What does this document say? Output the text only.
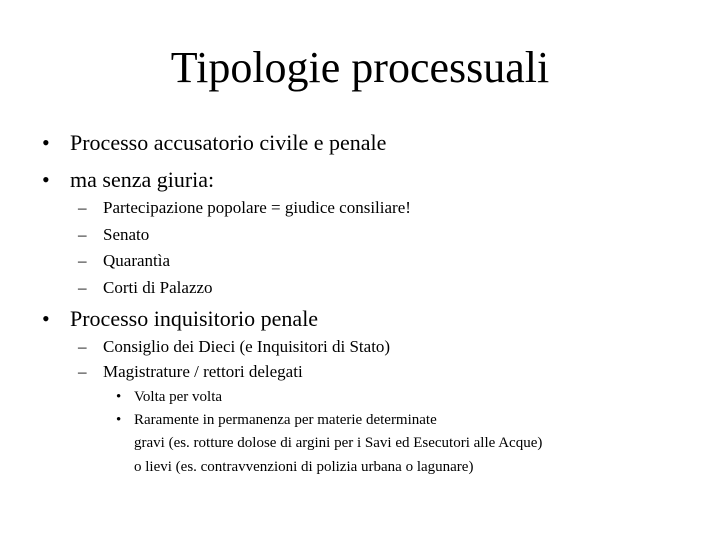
Tipologie processuali
• Processo accusatorio civile e penale
• ma senza giuria:
– Partecipazione popolare = giudice consiliare!
– Senato
– Quarantìa
– Corti di Palazzo
• Processo inquisitorio penale
– Consiglio dei Dieci (e Inquisitori di Stato)
– Magistrature / rettori delegati
• Volta per volta
• Raramente in permanenza per materie determinate
gravi (es. rotture dolose di argini per i Savi ed Esecutori alle Acque)
o lievi (es. contravvenzioni di polizia urbana o lagunare)
